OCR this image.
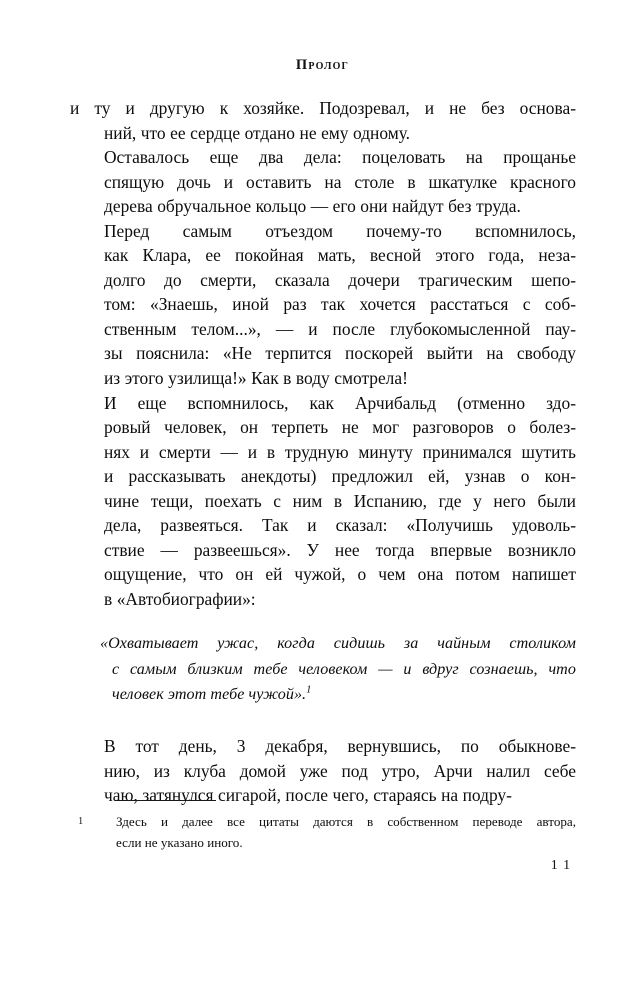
Пролог

и ту и другую к хозяйке. Подозревал, и не без основа-
ний, что ее сердце отдано не ему одному.

Оставалось еще два дела: поцеловать на прощанье
спящую дочь и оставить на столе в шкатулке красного
дерева обручальное кольцо — его они найдут без труда.

Перед самым отъездом почему-то вспомнилось,
как Клара, ее покойная мать, весной этого года, неза-
долго до смерти, сказала дочери трагическим шепо-
том: «Знаешь, иной раз так хочется расстаться с соб-
ственным телом...», — и после глубокомысленной пау-
зы пояснила: «Не терпится поскорей выйти на свободу
из этого узилища!» Как в воду смотрела!

И еще вспомнилось, как Арчибальд (отменно здо-
ровый человек, он терпеть не мог разговоров о болез-
нях и смерти — и в трудную минуту принимался шутить
и рассказывать анекдоты) предложил ей, узнав о кон-
чине тещи, поехать с ним в Испанию, где у него были
дела, развеяться. Так и сказал: «Получишь удоволь-
ствие — развеешься». У нее тогда впервые возникло
ощущение, что он ей чужой, о чем она потом напишет
в «Автобиографии»:

«Охватывает ужас, когда сидишь за чайным столиком
с самым близким тебе человеком — и вдруг сознаешь, что
человек этот тебе чужой».$^1$

В тот день, 3 декабря, вернувшись, по обыкнове-
нию, из клуба домой уже под утро, Арчи налил себе
чаю, затянулся сигарой, после чего, стараясь на подру-

1	Здесь и далее все цитаты даются в собственном переводе автора,
если не указано иного.
11
